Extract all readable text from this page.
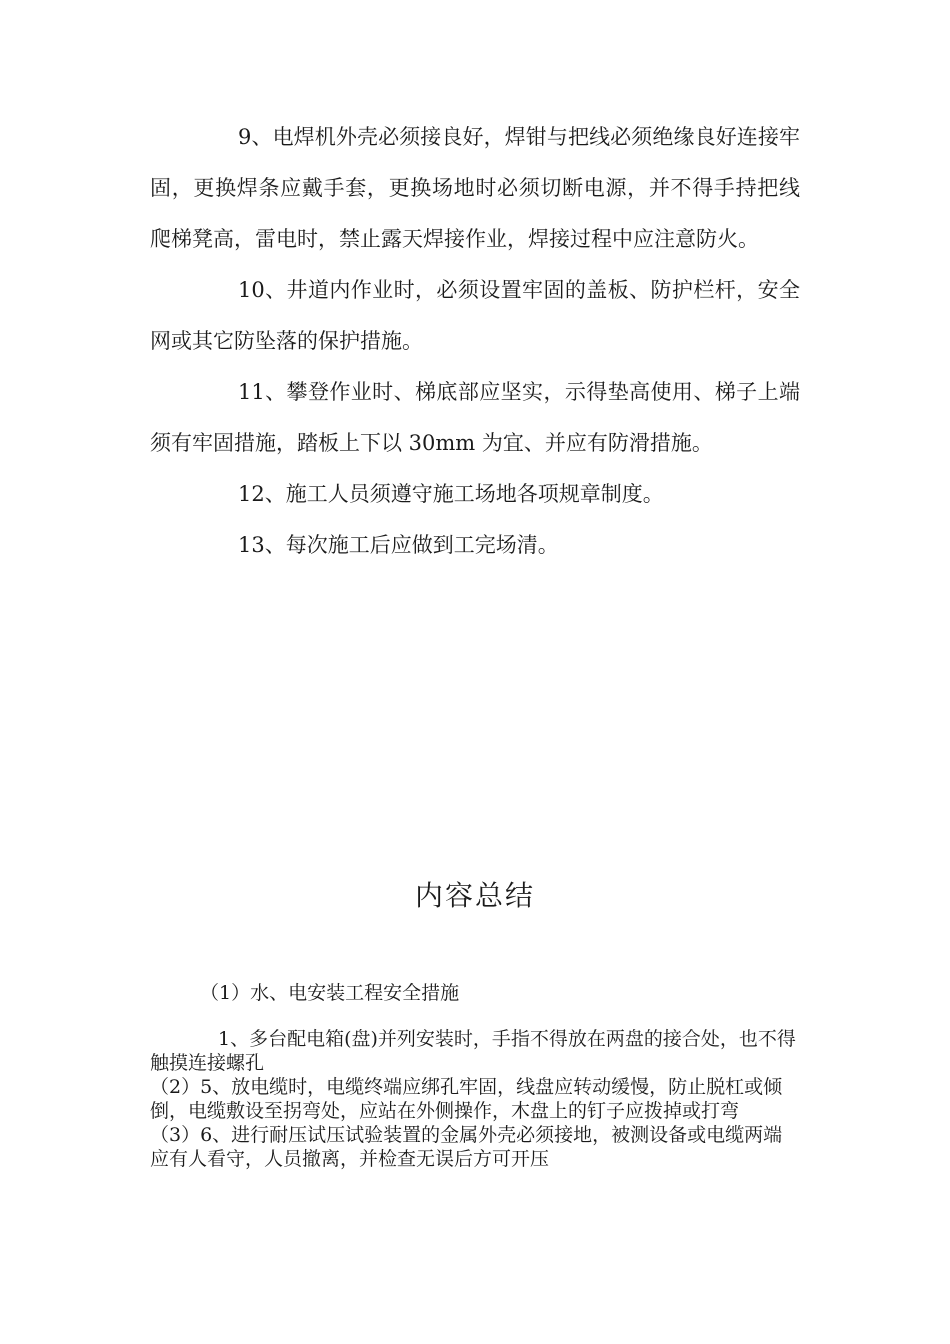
9、电焊机外壳必须接良好，焊钳与把线必须绝缘良好连接牢固，更换焊条应戴手套，更换场地时必须切断电源，并不得手持把线爬梯凳高，雷电时，禁止露天焊接作业，焊接过程中应注意防火。

10、井道内作业时，必须设置牢固的盖板、防护栏杆，安全网或其它防坠落的保护措施。

11、攀登作业时、梯底部应坚实，示得垫高使用、梯子上端须有牢固措施，踏板上下以 30mm 为宜、并应有防滑措施。

12、施工人员须遵守施工场地各项规章制度。

13、每次施工后应做到工完场清。

内容总结
（1）水、电安装工程安全措施

1、多台配电箱(盘)并列安装时，手指不得放在两盘的接合处，也不得触摸连接螺孔

（2）5、放电缆时，电缆终端应绑孔牢固，线盘应转动缓慢，防止脱杠或倾倒，电缆敷设至拐弯处，应站在外侧操作，木盘上的钉子应拨掉或打弯

（3）6、进行耐压试压试验装置的金属外壳必须接地，被测设备或电缆两端应有人看守，人员撤离，并检查无误后方可开压
